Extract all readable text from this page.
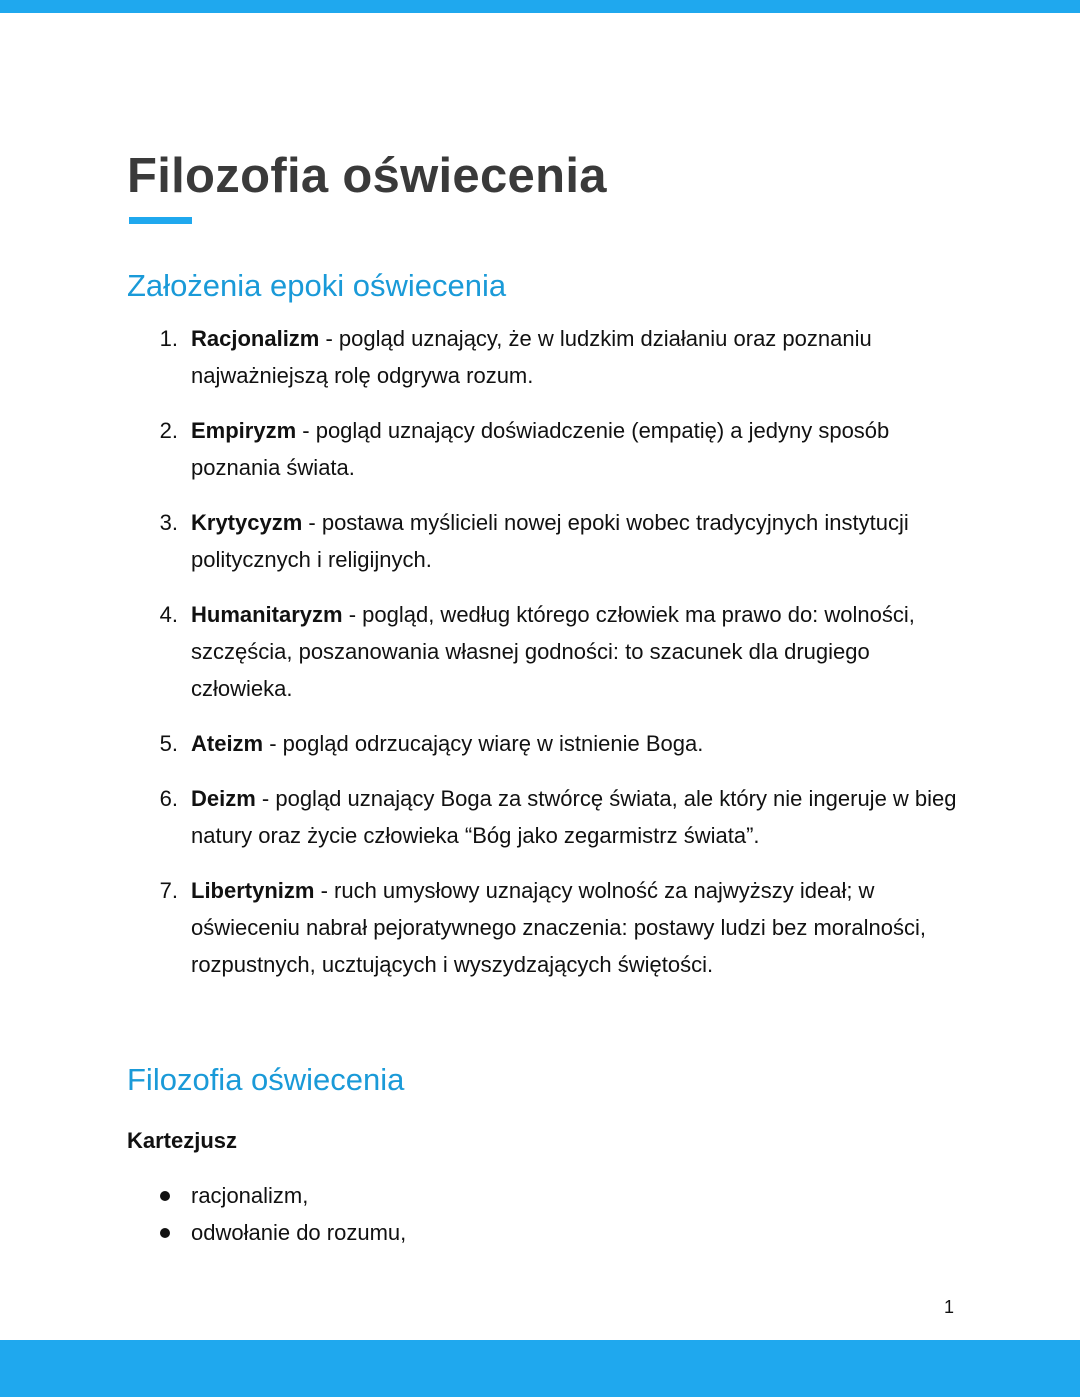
Filozofia oświecenia
Założenia epoki oświecenia
1. Racjonalizm - pogląd uznający, że w ludzkim działaniu oraz poznaniu najważniejszą rolę odgrywa rozum.
2. Empiryzm - pogląd uznający doświadczenie (empatię) a jedyny sposób poznania świata.
3. Krytycyzm - postawa myślicieli nowej epoki wobec tradycyjnych instytucji politycznych i religijnych.
4. Humanitaryzm - pogląd, według którego człowiek ma prawo do: wolności, szczęścia, poszanowania własnej godności: to szacunek dla drugiego człowieka.
5. Ateizm - pogląd odrzucający wiarę w istnienie Boga.
6. Deizm - pogląd uznający Boga za stwórcę świata, ale który nie ingeruje w bieg natury oraz życie człowieka “Bóg jako zegarmistrz świata”.
7. Libertynizm - ruch umysłowy uznający wolność za najwyższy ideał; w oświeceniu nabrał pejoratywnego znaczenia: postawy ludzi bez moralności, rozpustnych, ucztujących i wyszydzających świętości.
Filozofia oświecenia
Kartezjusz
racjonalizm,
odwołanie do rozumu,
1
